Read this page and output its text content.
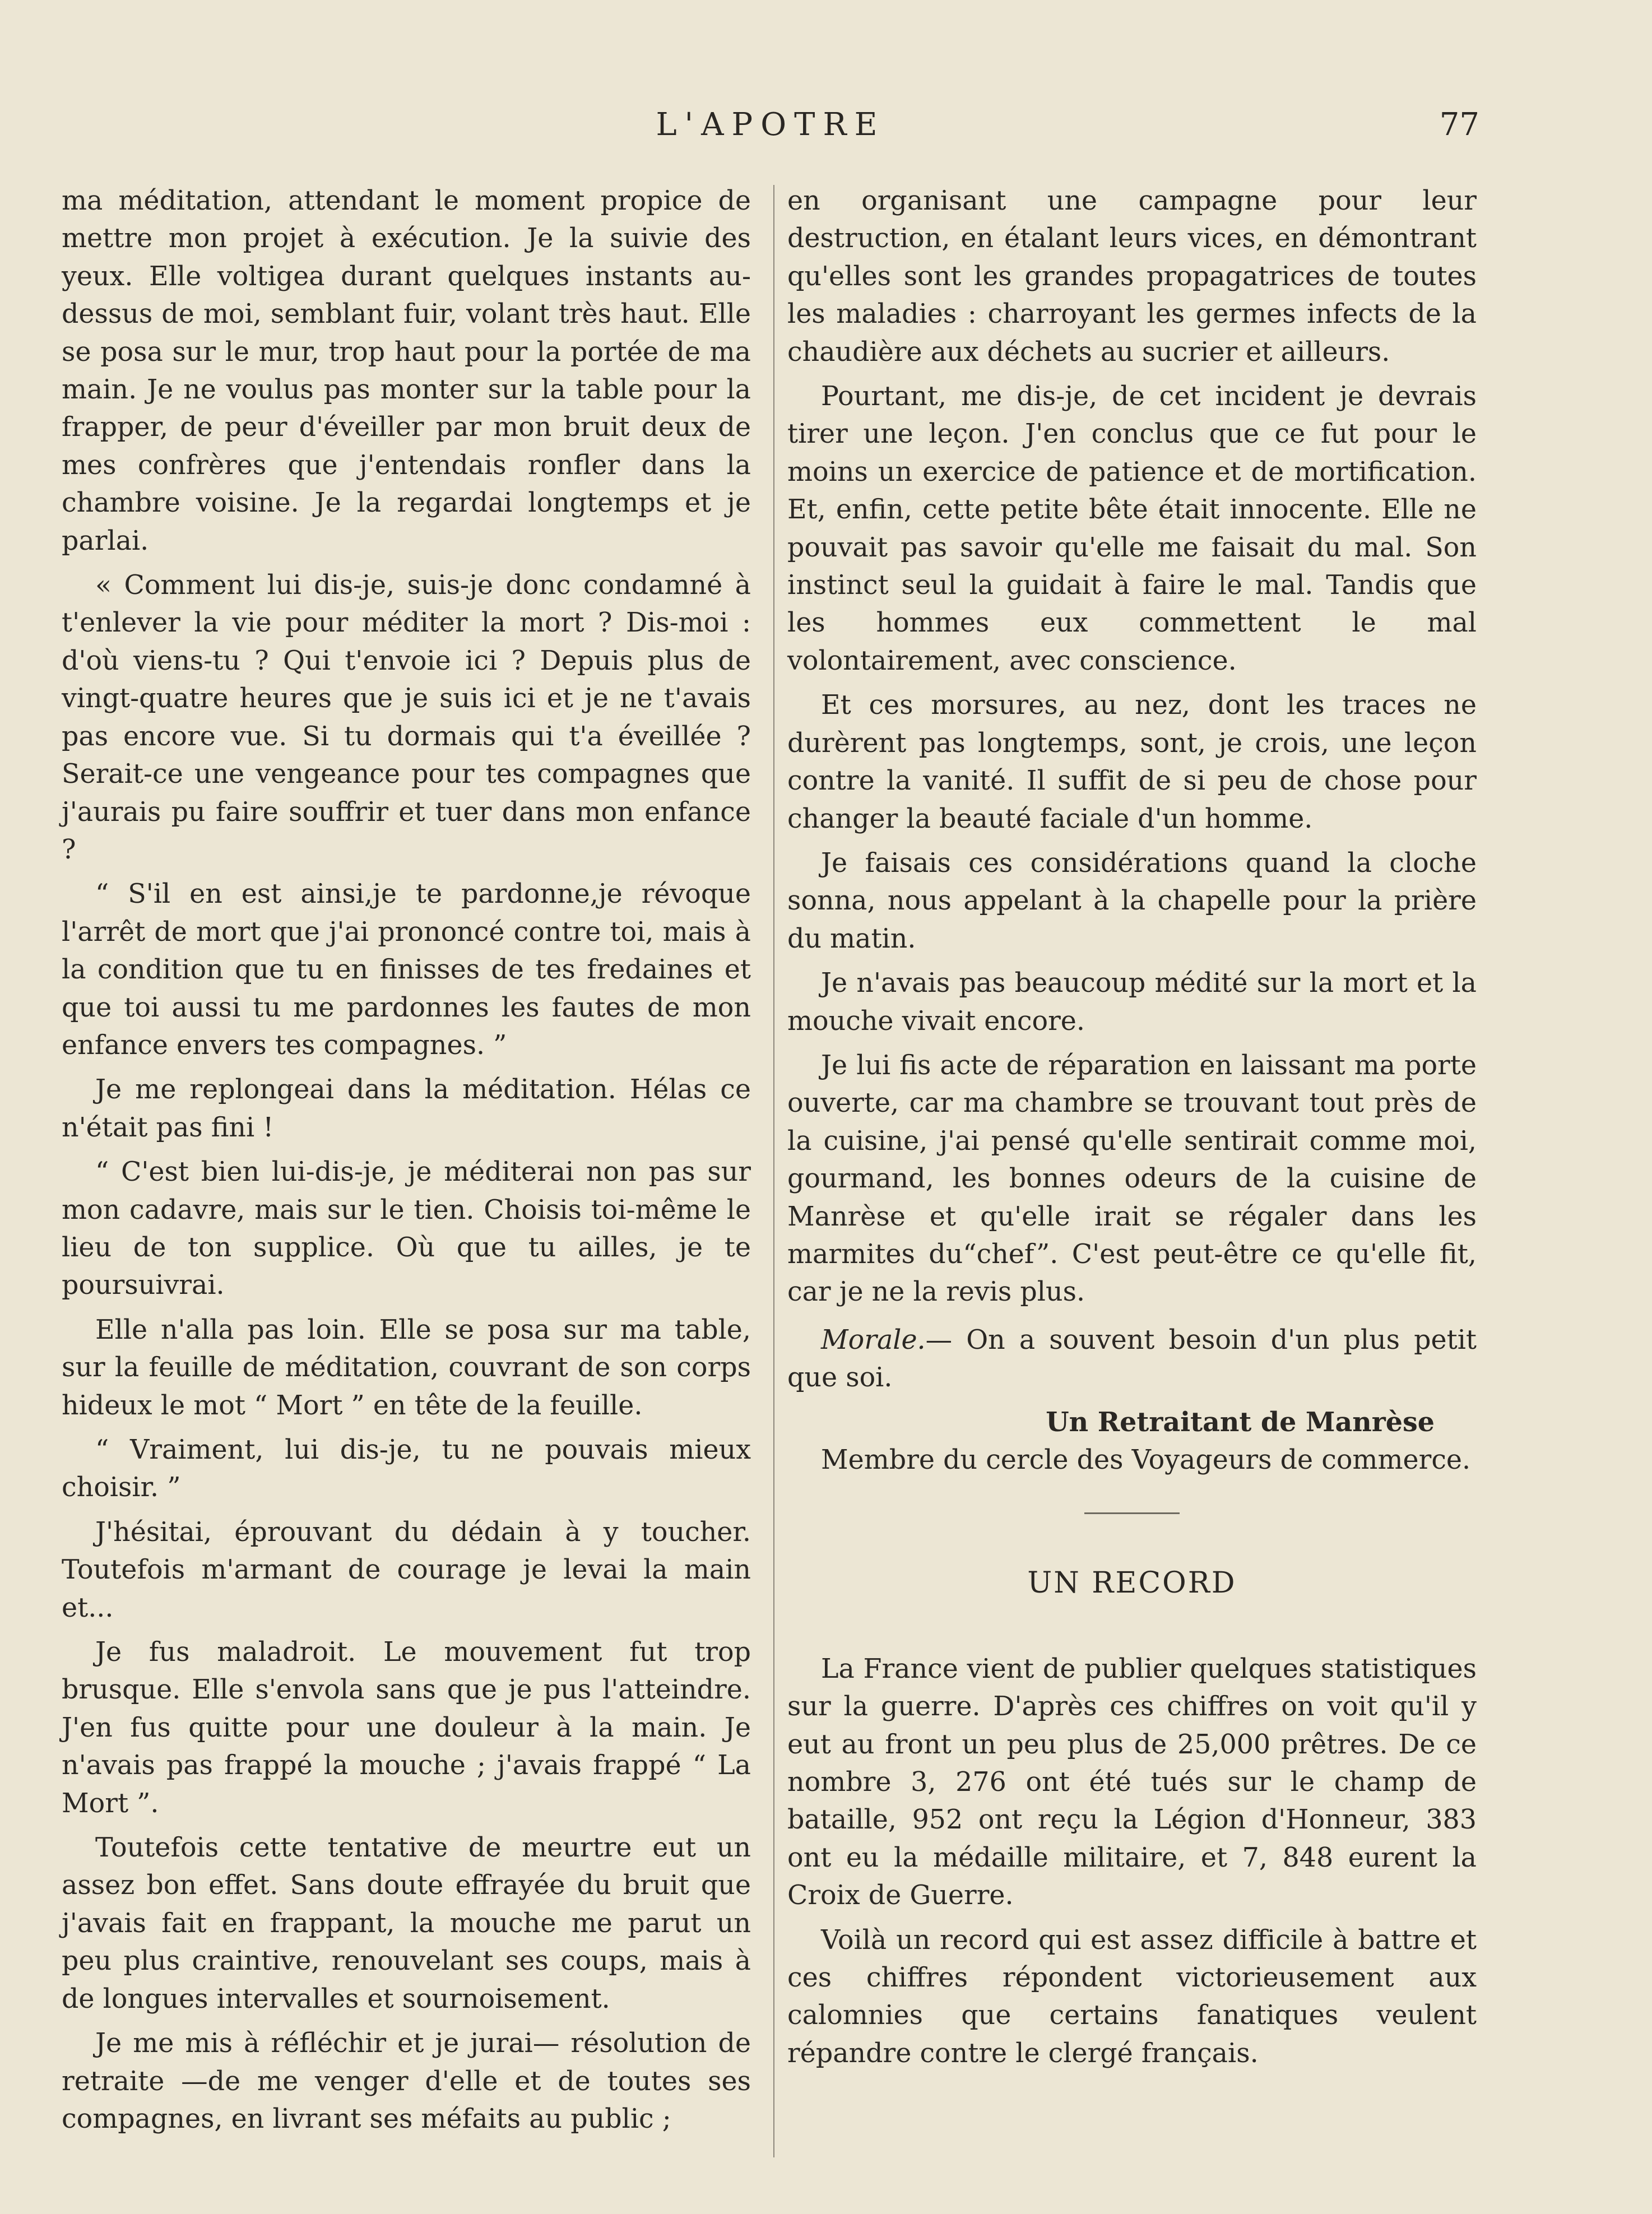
L'APOTRE	77

ma méditation, attendant le moment propice de mettre mon projet à exécution. Je la suivie des yeux. Elle voltigea durant quelques instants au-dessus de moi, semblant fuir, volant très haut. Elle se posa sur le mur, trop haut pour la portée de ma main. Je ne voulus pas monter sur la table pour la frapper, de peur d'éveiller par mon bruit deux de mes confrères que j'entendais ronfler dans la chambre voisine. Je la regardai longtemps et je parlai.

« Comment lui dis-je, suis-je donc condamné à t'enlever la vie pour méditer la mort ? Dis-moi : d'où viens-tu ? Qui t'envoie ici ? Depuis plus de vingt-quatre heures que je suis ici et je ne t'avais pas encore vue. Si tu dormais qui t'a éveillée ? Serait-ce une vengeance pour tes compagnes que j'aurais pu faire souffrir et tuer dans mon enfance ?

“ S'il en est ainsi,je te pardonne,je révoque l'arrêt de mort que j'ai prononcé contre toi, mais à la condition que tu en finisses de tes fredaines et que toi aussi tu me pardonnes les fautes de mon enfance envers tes compagnes. ”

Je me replongeai dans la méditation. Hélas ce n'était pas fini !

“ C'est bien lui-dis-je, je méditerai non pas sur mon cadavre, mais sur le tien. Choisis toi-même le lieu de ton supplice. Où que tu ailles, je te poursuivrai.

Elle n'alla pas loin. Elle se posa sur ma table, sur la feuille de méditation, couvrant de son corps hideux le mot “ Mort ” en tête de la feuille.

“ Vraiment, lui dis-je, tu ne pouvais mieux choisir. ”

J'hésitai, éprouvant du dédain à y toucher. Toutefois m'armant de courage je levai la main et...

Je fus maladroit. Le mouvement fut trop brusque. Elle s'envola sans que je pus l'atteindre. J'en fus quitte pour une douleur à la main. Je n'avais pas frappé la mouche ; j'avais frappé “ La Mort ”.

Toutefois cette tentative de meurtre eut un assez bon effet. Sans doute effrayée du bruit que j'avais fait en frappant, la mouche me parut un peu plus craintive, renouvelant ses coups, mais à de longues intervalles et sournoisement.

Je me mis à réfléchir et je jurai— résolution de retraite —de me venger d'elle et de toutes ses compagnes, en livrant ses méfaits au public ;

en organisant une campagne pour leur destruction, en étalant leurs vices, en démontrant qu'elles sont les grandes propagatrices de toutes les maladies : charroyant les germes infects de la chaudière aux déchets au sucrier et ailleurs.

Pourtant, me dis-je, de cet incident je devrais tirer une leçon. J'en conclus que ce fut pour le moins un exercice de patience et de mortification. Et, enfin, cette petite bête était innocente. Elle ne pouvait pas savoir qu'elle me faisait du mal. Son instinct seul la guidait à faire le mal. Tandis que les hommes eux commettent le mal volontairement, avec conscience.

Et ces morsures, au nez, dont les traces ne durèrent pas longtemps, sont, je crois, une leçon contre la vanité. Il suffit de si peu de chose pour changer la beauté faciale d'un homme.

Je faisais ces considérations quand la cloche sonna, nous appelant à la chapelle pour la prière du matin.

Je n'avais pas beaucoup médité sur la mort et la mouche vivait encore.

Je lui fis acte de réparation en laissant ma porte ouverte, car ma chambre se trouvant tout près de la cuisine, j'ai pensé qu'elle sentirait comme moi, gourmand, les bonnes odeurs de la cuisine de Manrèse et qu'elle irait se régaler dans les marmites du“chef”. C'est peut-être ce qu'elle fit, car je ne la revis plus.

Morale.— On a souvent besoin d'un plus petit que soi.

Un Retraitant de Manrèse

Membre du cercle des Voyageurs de commerce.

UN RECORD

La France vient de publier quelques statistiques sur la guerre. D'après ces chiffres on voit qu'il y eut au front un peu plus de 25,000 prêtres. De ce nombre 3, 276 ont été tués sur le champ de bataille, 952 ont reçu la Légion d'Honneur, 383 ont eu la médaille militaire, et 7, 848 eurent la Croix de Guerre.

Voilà un record qui est assez difficile à battre et ces chiffres répondent victorieusement aux calomnies que certains fanatiques veulent répandre contre le clergé français.
